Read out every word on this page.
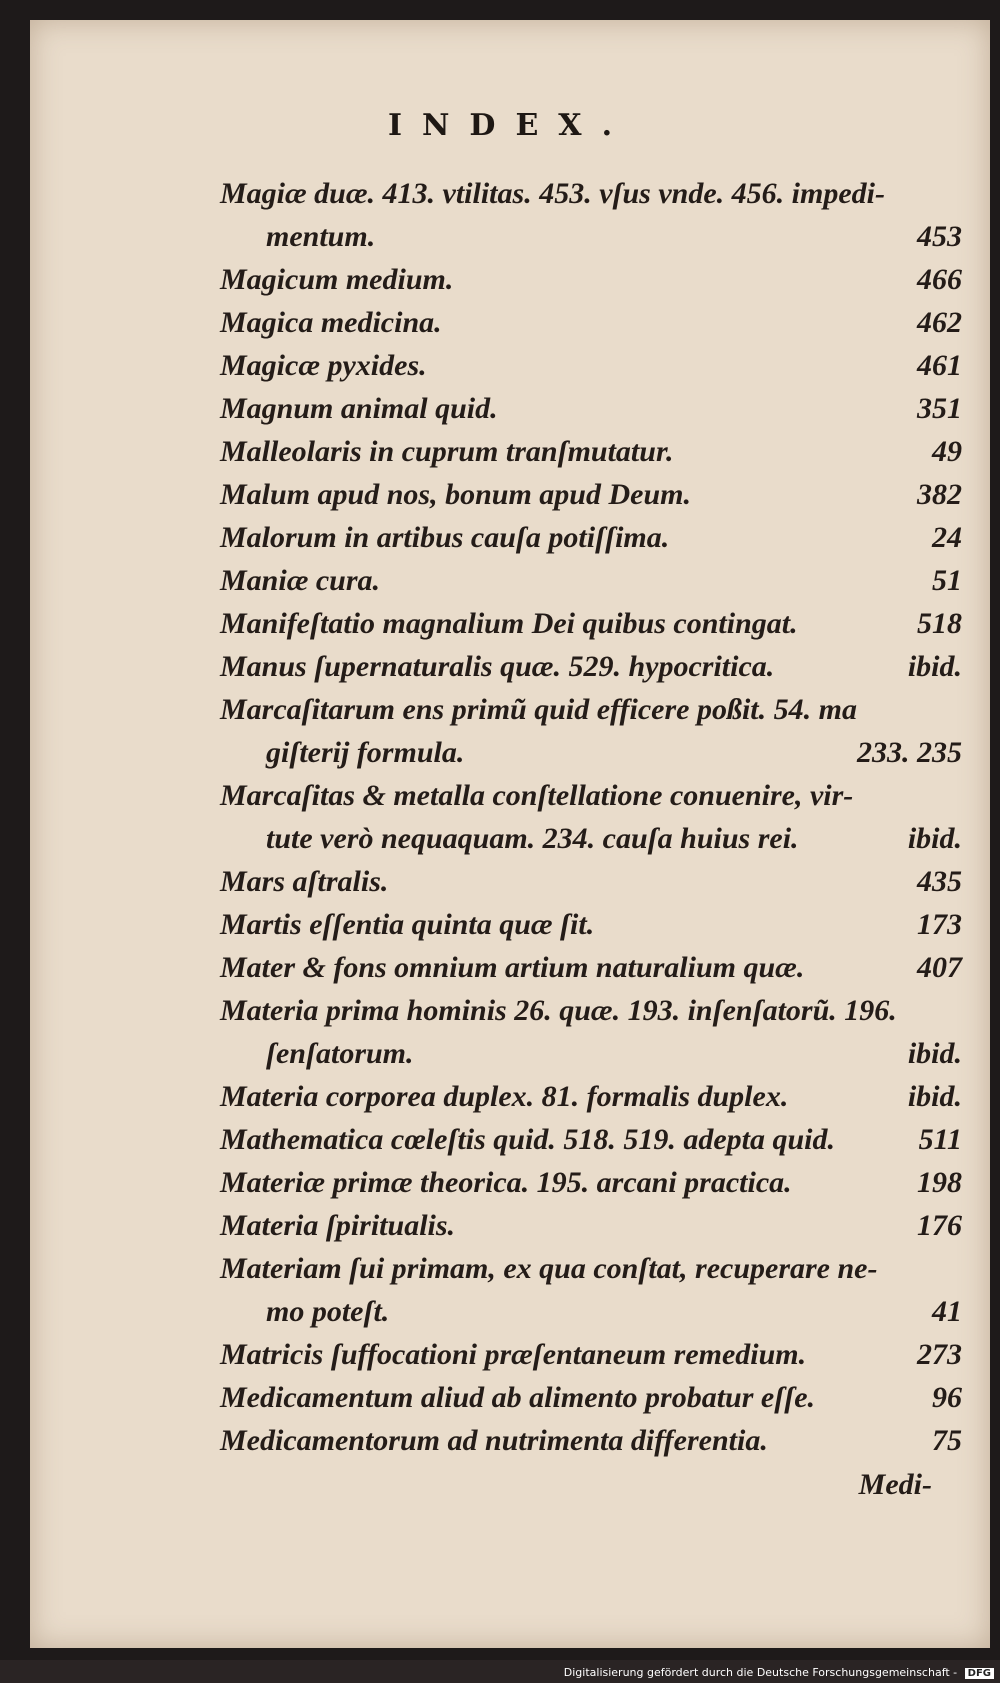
INDEX.
Magiæ duæ. 413. vtilitas. 453. vſus vnde. 456. impedi-
mentum.	453
Magicum medium.	466
Magica medicina.	462
Magicæ pyxides.	461
Magnum animal quid.	351
Malleolaris in cuprum tranſmutatur.	49
Malum apud nos, bonum apud Deum.	382
Malorum in artibus cauſa potiſſima.	24
Maniæ cura.	51
Manifeſtatio magnalium Dei quibus contingat.	518
Manus ſupernaturalis quæ. 529. hypocritica.	ibid.
Marcaſitarum ens primũ quid efficere poßit. 54. ma
giſterij formula.	233. 235
Marcaſitas & metalla conſtellatione conuenire, vir-
tute verò nequaquam. 234. cauſa huius rei.	ibid.
Mars aſtralis.	435
Martis eſſentia quinta quæ ſit.	173
Mater & fons omnium artium naturalium quæ.	407
Materia prima hominis 26. quæ. 193. inſenſatorũ. 196.
ſenſatorum.	ibid.
Materia corporea duplex. 81. formalis duplex.	ibid.
Mathematica cœleſtis quid. 518. 519. adepta quid.	511
Materiæ primæ theorica. 195. arcani practica.	198
Materia ſpiritualis.	176
Materiam ſui primam, ex qua conſtat, recuperare ne-
mo poteſt.	41
Matricis ſuffocationi præſentaneum remedium.	273
Medicamentum aliud ab alimento probatur eſſe.	96
Medicamentorum ad nutrimenta differentia.	75
Medi-
Digitalisierung gefördert durch die Deutsche Forschungsgemeinschaft - DFG
